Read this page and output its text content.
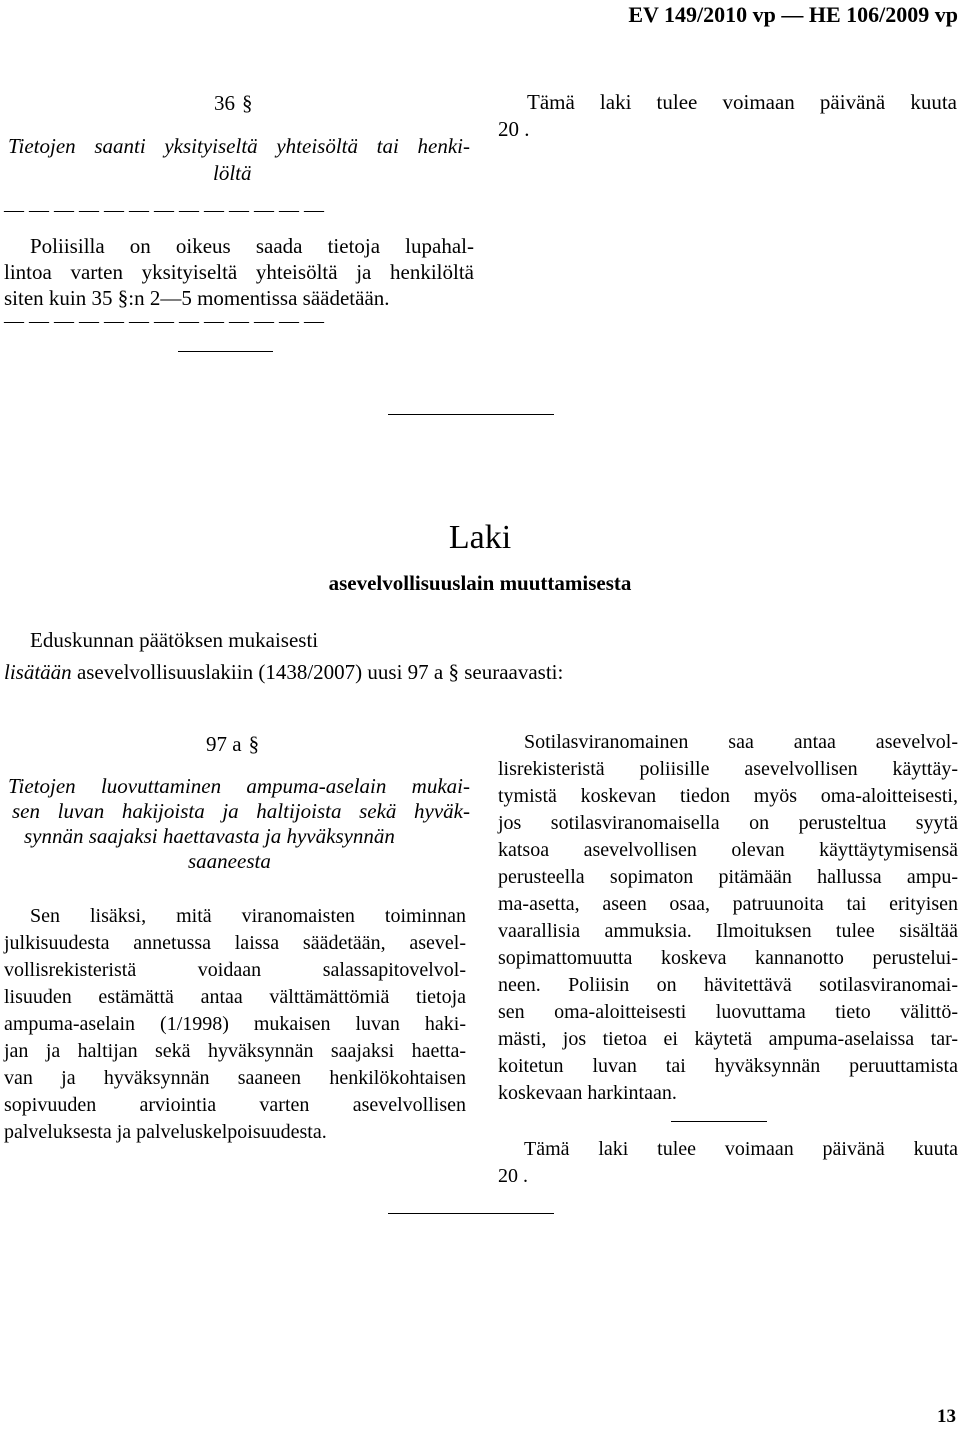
EV 149/2010 vp — HE 106/2009 vp
36 §
Tietojen saanti yksityiseltä yhteisöltä tai henki-
löltä
— — — — — — — — — — — — —
Poliisilla on oikeus saada tietoja lupahal-
lintoa varten yksityiseltä yhteisöltä ja henkilöltä
siten kuin 35 §:n 2—5 momentissa säädetään.
— — — — — — — — — — — — —
Tämä laki tulee voimaan päivänä kuuta
20 .
Laki
asevelvollisuuslain muuttamisesta
Eduskunnan päätöksen mukaisesti
lisätään asevelvollisuuslakiin (1438/2007) uusi 97 a § seuraavasti:
97 a §
Tietojen luovuttaminen ampuma-aselain mukai-
sen luvan hakijoista ja haltijoista sekä hyväk-
synnän saajaksi haettavasta ja hyväksynnän
saaneesta
Sen lisäksi, mitä viranomaisten toiminnan
julkisuudesta annetussa laissa säädetään, asevel-
vollisrekisteristä voidaan salassapitovelvol-
lisuuden estämättä antaa välttämättömiä tietoja
ampuma-aselain (1/1998) mukaisen luvan haki-
jan ja haltijan sekä hyväksynnän saajaksi haetta-
van ja hyväksynnän saaneen henkilökohtaisen
sopivuuden arviointia varten asevelvollisen
palveluksesta ja palveluskelpoisuudesta.
Sotilasviranomainen saa antaa asevelvol-
lisrekisteristä poliisille asevelvollisen käyttäy-
tymistä koskevan tiedon myös oma-aloitteisesti,
jos sotilasviranomaisella on perusteltua syytä
katsoa asevelvollisen olevan käyttäytymisensä
perusteella sopimaton pitämään hallussa ampu-
ma-asetta, aseen osaa, patruunoita tai erityisen
vaarallisia ammuksia. Ilmoituksen tulee sisältää
sopimattomuutta koskeva kannanotto perustelui-
neen. Poliisin on hävitettävä sotilasviranomai-
sen oma-aloitteisesti luovuttama tieto välittö-
mästi, jos tietoa ei käytetä ampuma-aselaissa tar-
koitetun luvan tai hyväksynnän peruuttamista
koskevaan harkintaan.
Tämä laki tulee voimaan päivänä kuuta
20 .
13
